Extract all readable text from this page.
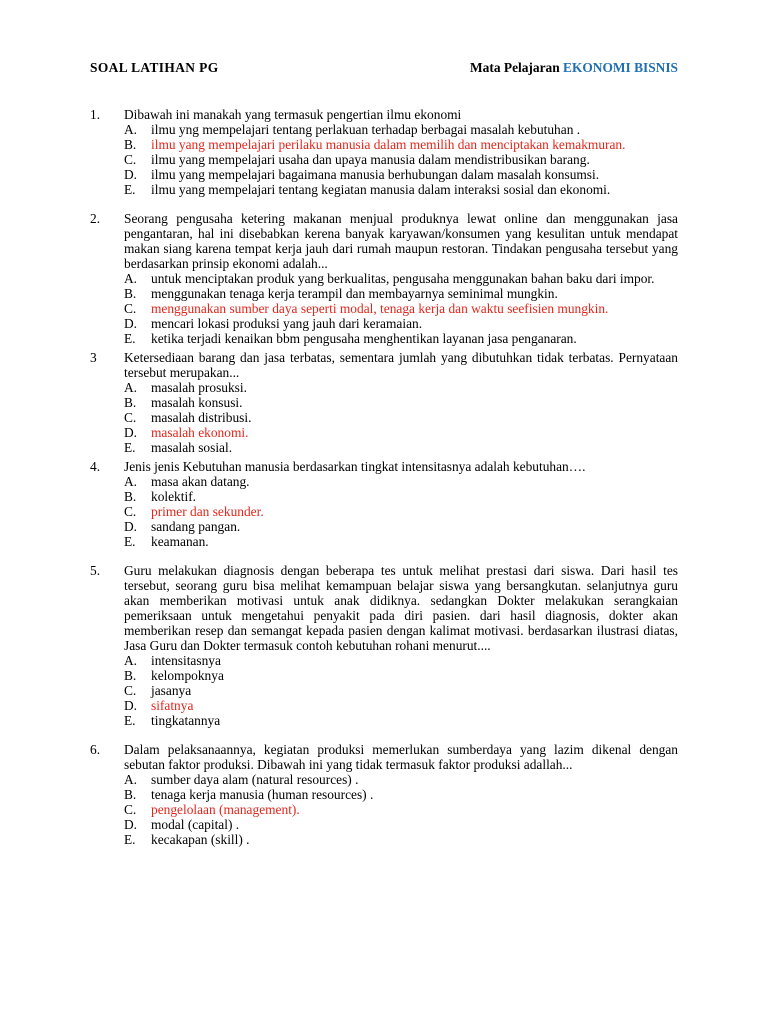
SOAL LATIHAN PG	Mata Pelajaran EKONOMI BISNIS
1. Dibawah ini manakah yang termasuk pengertian ilmu ekonomi
A. ilmu yng mempelajari tentang perlakuan terhadap berbagai masalah kebutuhan .
B. ilmu yang mempelajari perilaku manusia dalam memilih dan menciptakan kemakmuran.
C. ilmu yang mempelajari usaha dan upaya manusia dalam mendistribusikan barang.
D. ilmu yang mempelajari bagaimana manusia berhubungan dalam masalah konsumsi.
E. ilmu yang mempelajari tentang kegiatan manusia dalam interaksi sosial dan ekonomi.
2. Seorang pengusaha ketering makanan menjual produknya lewat online dan menggunakan jasa pengantaran, hal ini disebabkan kerena banyak karyawan/konsumen yang kesulitan untuk mendapat makan siang karena tempat kerja jauh dari rumah maupun restoran. Tindakan pengusaha tersebut yang berdasarkan prinsip ekonomi adalah...
A. untuk menciptakan produk yang berkualitas, pengusaha menggunakan bahan baku dari impor.
B. menggunakan tenaga kerja terampil dan membayarnya seminimal mungkin.
C. menggunakan sumber daya seperti modal, tenaga kerja dan waktu seefisien mungkin.
D. mencari lokasi produksi yang jauh dari keramaian.
E. ketika terjadi kenaikan bbm pengusaha menghentikan layanan jasa penganaran.
3 Ketersediaan barang dan jasa terbatas, sementara jumlah yang dibutuhkan tidak terbatas. Pernyataan tersebut merupakan...
A. masalah prosuksi.
B. masalah konsusi.
C. masalah distribusi.
D. masalah ekonomi.
E. masalah sosial.
4. Jenis jenis Kebutuhan manusia berdasarkan tingkat intensitasnya adalah kebutuhan….
A. masa akan datang.
B. kolektif.
C. primer dan sekunder.
D. sandang pangan.
E. keamanan.
5. Guru melakukan diagnosis dengan beberapa tes untuk melihat prestasi dari siswa. Dari hasil tes tersebut, seorang guru bisa melihat kemampuan belajar siswa yang bersangkutan. selanjutnya guru akan memberikan motivasi untuk anak didiknya. sedangkan Dokter melakukan serangkaian pemeriksaan untuk mengetahui penyakit pada diri pasien. dari hasil diagnosis, dokter akan memberikan resep dan semangat kepada pasien dengan kalimat motivasi. berdasarkan ilustrasi diatas, Jasa Guru dan Dokter termasuk contoh kebutuhan rohani menurut....
A. intensitasnya
B. kelompoknya
C. jasanya
D. sifatnya
E. tingkatannya
6. Dalam pelaksanaannya, kegiatan produksi memerlukan sumberdaya yang lazim dikenal dengan sebutan faktor produksi. Dibawah ini yang tidak termasuk faktor produksi adallah...
A. sumber daya alam (natural resources) .
B. tenaga kerja manusia (human resources) .
C. pengelolaan (management).
D. modal (capital) .
E. kecakapan (skill) .
